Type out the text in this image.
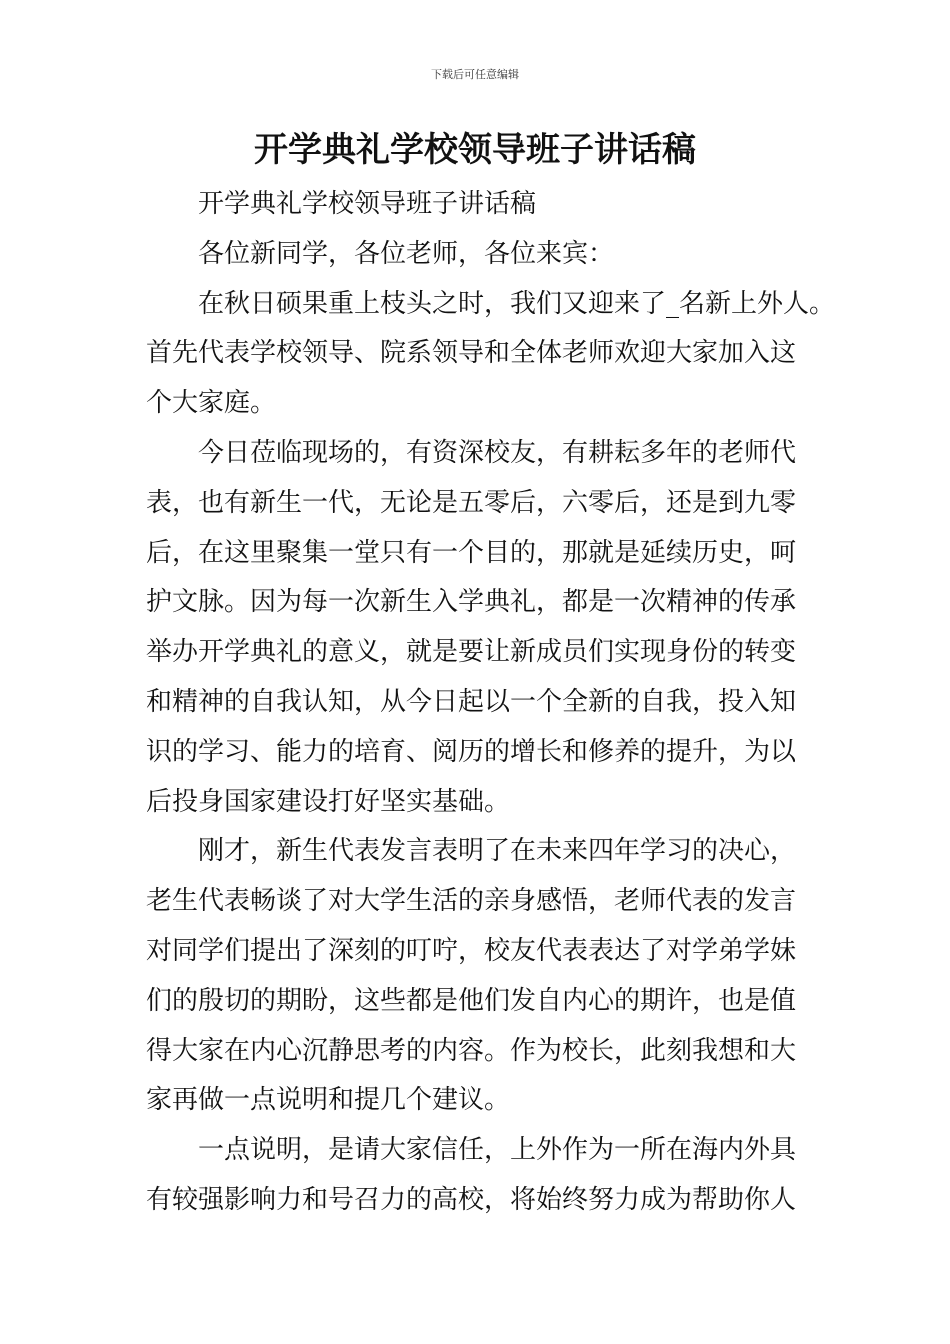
下载后可任意编辑
开学典礼学校领导班子讲话稿
开学典礼学校领导班子讲话稿
各位新同学，各位老师，各位来宾：
在秋日硕果重上枝头之时，我们又迎来了_名新上外人。
首先代表学校领导、院系领导和全体老师欢迎大家加入这
个大家庭。
今日莅临现场的，有资深校友，有耕耘多年的老师代
表，也有新生一代，无论是五零后，六零后，还是到九零
后，在这里聚集一堂只有一个目的，那就是延续历史，呵
护文脉。因为每一次新生入学典礼，都是一次精神的传承
举办开学典礼的意义，就是要让新成员们实现身份的转变
和精神的自我认知，从今日起以一个全新的自我，投入知
识的学习、能力的培育、阅历的增长和修养的提升，为以
后投身国家建设打好坚实基础。
刚才，新生代表发言表明了在未来四年学习的决心，
老生代表畅谈了对大学生活的亲身感悟，老师代表的发言
对同学们提出了深刻的叮咛，校友代表表达了对学弟学妹
们的殷切的期盼，这些都是他们发自内心的期许，也是值
得大家在内心沉静思考的内容。作为校长，此刻我想和大
家再做一点说明和提几个建议。
一点说明，是请大家信任，上外作为一所在海内外具
有较强影响力和号召力的高校，将始终努力成为帮助你人
